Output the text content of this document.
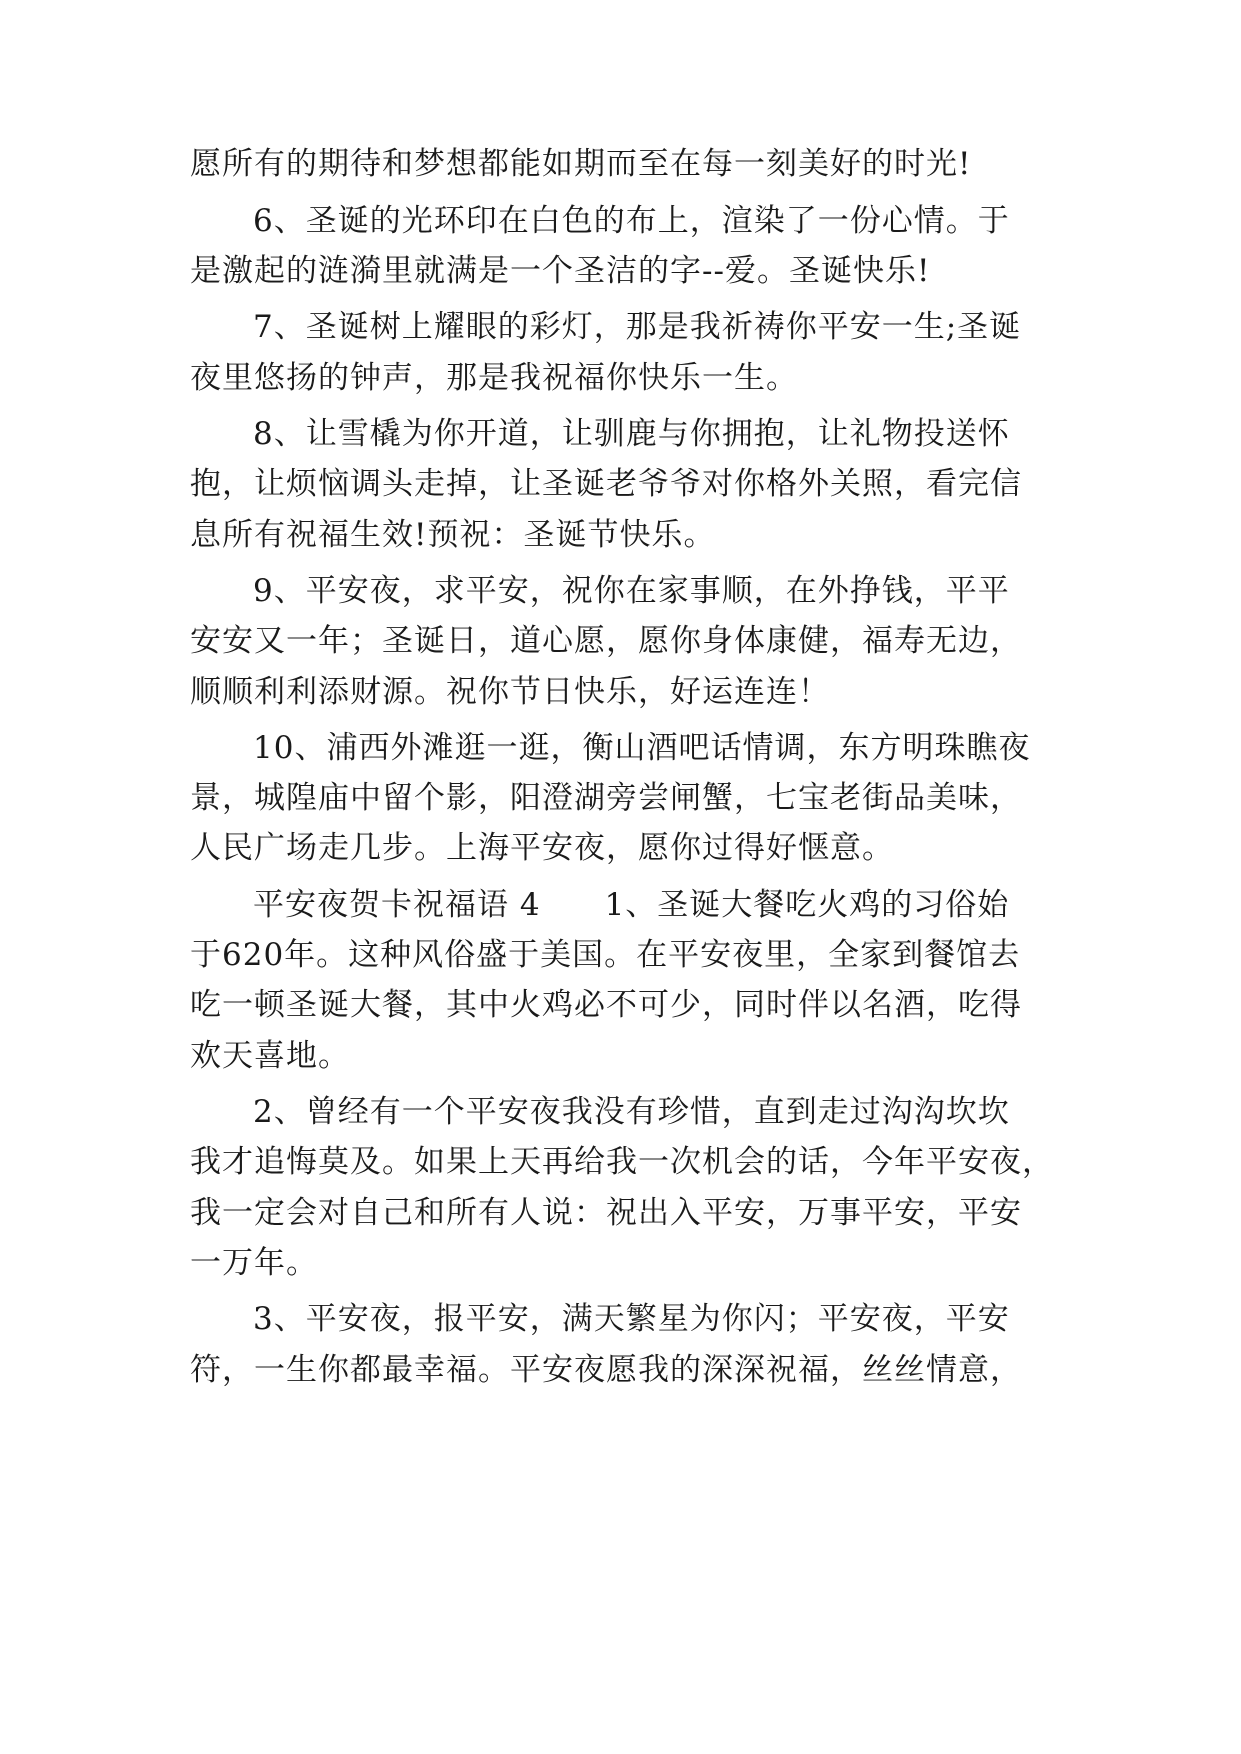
愿所有的期待和梦想都能如期而至在每一刻美好的时光!
6、圣诞的光环印在白色的布上，渲染了一份心情。于
是激起的涟漪里就满是一个圣洁的字--爱。圣诞快乐!
7、圣诞树上耀眼的彩灯，那是我祈祷你平安一生;圣诞
夜里悠扬的钟声，那是我祝福你快乐一生。
8、让雪橇为你开道，让驯鹿与你拥抱，让礼物投送怀
抱，让烦恼调头走掉，让圣诞老爷爷对你格外关照，看完信
息所有祝福生效!预祝：圣诞节快乐。
9、平安夜，求平安，祝你在家事顺，在外挣钱，平平
安安又一年；圣诞日，道心愿，愿你身体康健，福寿无边，
顺顺利利添财源。祝你节日快乐，好运连连！
10、浦西外滩逛一逛，衡山酒吧话情调，东方明珠瞧夜
景，城隍庙中留个影，阳澄湖旁尝闸蟹，七宝老街品美味，
人民广场走几步。上海平安夜，愿你过得好惬意。
平安夜贺卡祝福语 4　　1、圣诞大餐吃火鸡的习俗始
于620年。这种风俗盛于美国。在平安夜里，全家到餐馆去
吃一顿圣诞大餐，其中火鸡必不可少，同时伴以名酒，吃得
欢天喜地。
2、曾经有一个平安夜我没有珍惜，直到走过沟沟坎坎
我才追悔莫及。如果上天再给我一次机会的话，今年平安夜，
我一定会对自己和所有人说：祝出入平安，万事平安，平安
一万年。
3、平安夜，报平安，满天繁星为你闪；平安夜，平安
符，一生你都最幸福。平安夜愿我的深深祝福，丝丝情意，
